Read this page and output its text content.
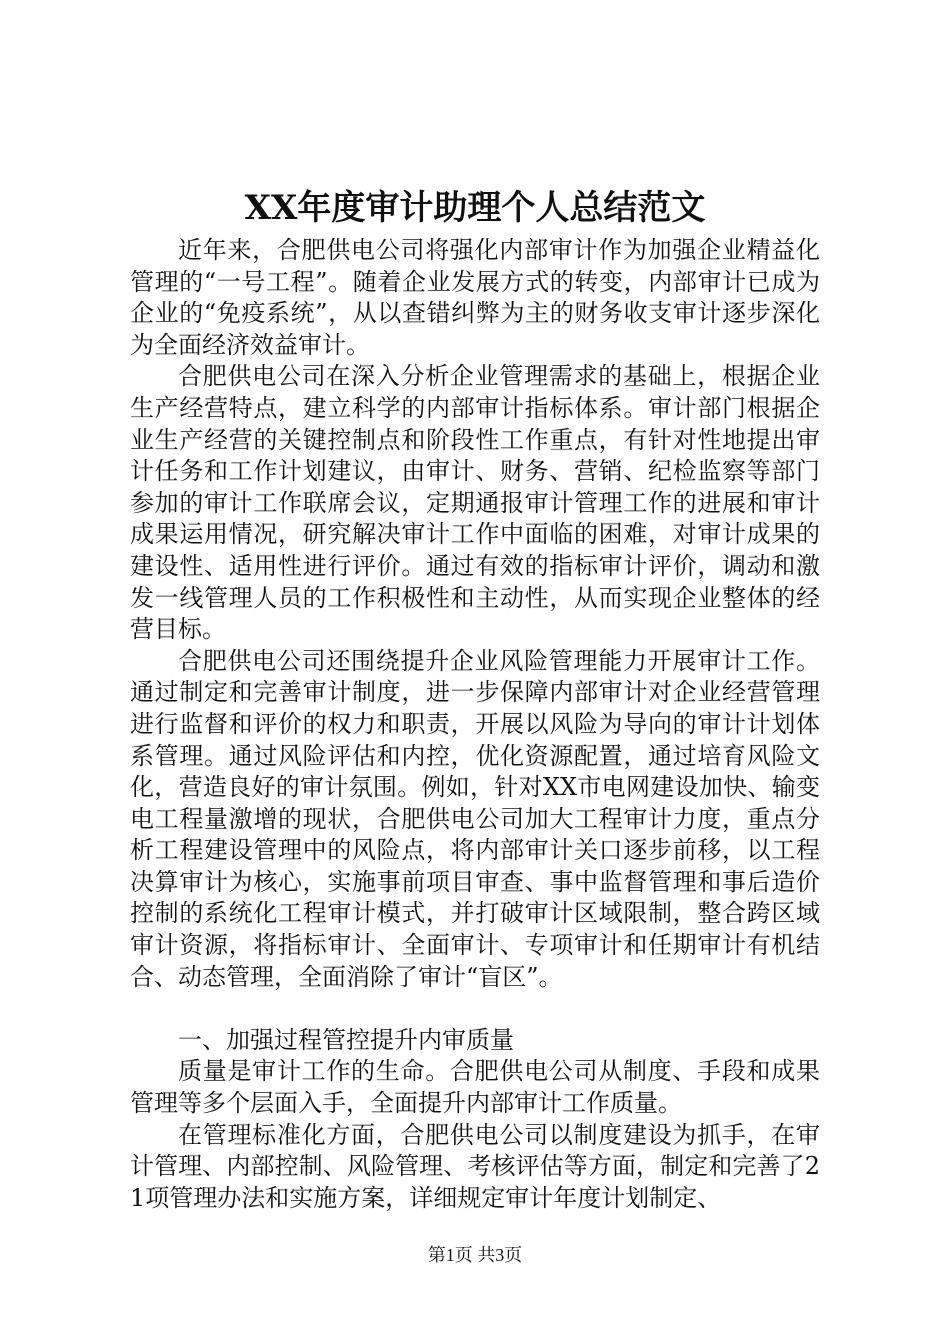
XX年度审计助理个人总结范文

近年来，合肥供电公司将强化内部审计作为加强企业精益化管理的“一号工程”。随着企业发展方式的转变，内部审计已成为企业的“免疫系统”，从以查错纠弊为主的财务收支审计逐步深化为全面经济效益审计。

合肥供电公司在深入分析企业管理需求的基础上，根据企业生产经营特点，建立科学的内部审计指标体系。审计部门根据企业生产经营的关键控制点和阶段性工作重点，有针对性地提出审计任务和工作计划建议，由审计、财务、营销、纪检监察等部门参加的审计工作联席会议，定期通报审计管理工作的进展和审计成果运用情况，研究解决审计工作中面临的困难，对审计成果的建设性、适用性进行评价。通过有效的指标审计评价，调动和激发一线管理人员的工作积极性和主动性，从而实现企业整体的经营目标。

合肥供电公司还围绕提升企业风险管理能力开展审计工作。通过制定和完善审计制度，进一步保障内部审计对企业经营管理进行监督和评价的权力和职责，开展以风险为导向的审计计划体系管理。通过风险评估和内控，优化资源配置，通过培育风险文化，营造良好的审计氛围。例如，针对XX市电网建设加快、输变电工程量激增的现状，合肥供电公司加大工程审计力度，重点分析工程建设管理中的风险点，将内部审计关口逐步前移，以工程决算审计为核心，实施事前项目审查、事中监督管理和事后造价控制的系统化工程审计模式，并打破审计区域限制，整合跨区域审计资源，将指标审计、全面审计、专项审计和任期审计有机结合、动态管理，全面消除了审计“盲区”。

一、加强过程管控提升内审质量

质量是审计工作的生命。合肥供电公司从制度、手段和成果管理等多个层面入手，全面提升内部审计工作质量。

在管理标准化方面，合肥供电公司以制度建设为抓手，在审计管理、内部控制、风险管理、考核评估等方面，制定和完善了21项管理办法和实施方案，详细规定审计年度计划制定、

第1页 共3页
